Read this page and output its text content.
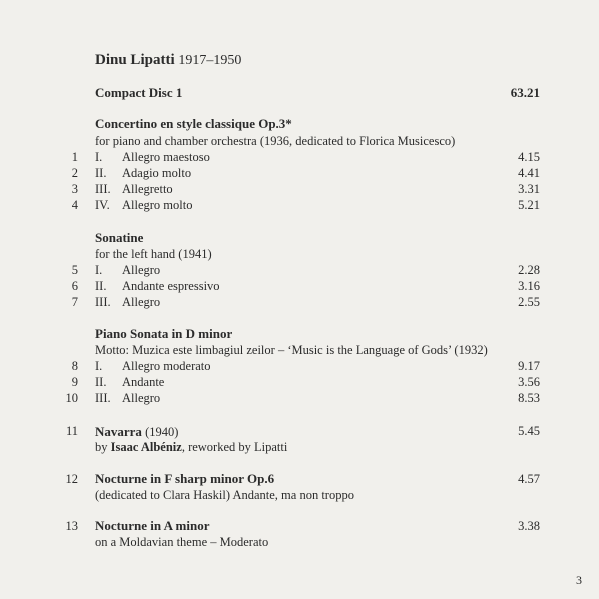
Dinu Lipatti 1917–1950
Compact Disc 1	63.21
Concertino en style classique Op.3*
for piano and chamber orchestra (1936, dedicated to Florica Musicesco)
1 I. Allegro maestoso	4.15
2 II. Adagio molto	4.41
3 III. Allegretto	3.31
4 IV. Allegro molto	5.21
Sonatine
for the left hand (1941)
5 I. Allegro	2.28
6 II. Andante espressivo	3.16
7 III. Allegro	2.55
Piano Sonata in D minor
Motto: Muzica este limbagiul zeilor – ‘Music is the Language of Gods’ (1932)
8 I. Allegro moderato	9.17
9 II. Andante	3.56
10 III. Allegro	8.53
11 Navarra (1940)	5.45
by Isaac Albéniz, reworked by Lipatti
12 Nocturne in F sharp minor Op.6	4.57
(dedicated to Clara Haskil) Andante, ma non troppo
13 Nocturne in A minor	3.38
on a Moldavian theme – Moderato
3
